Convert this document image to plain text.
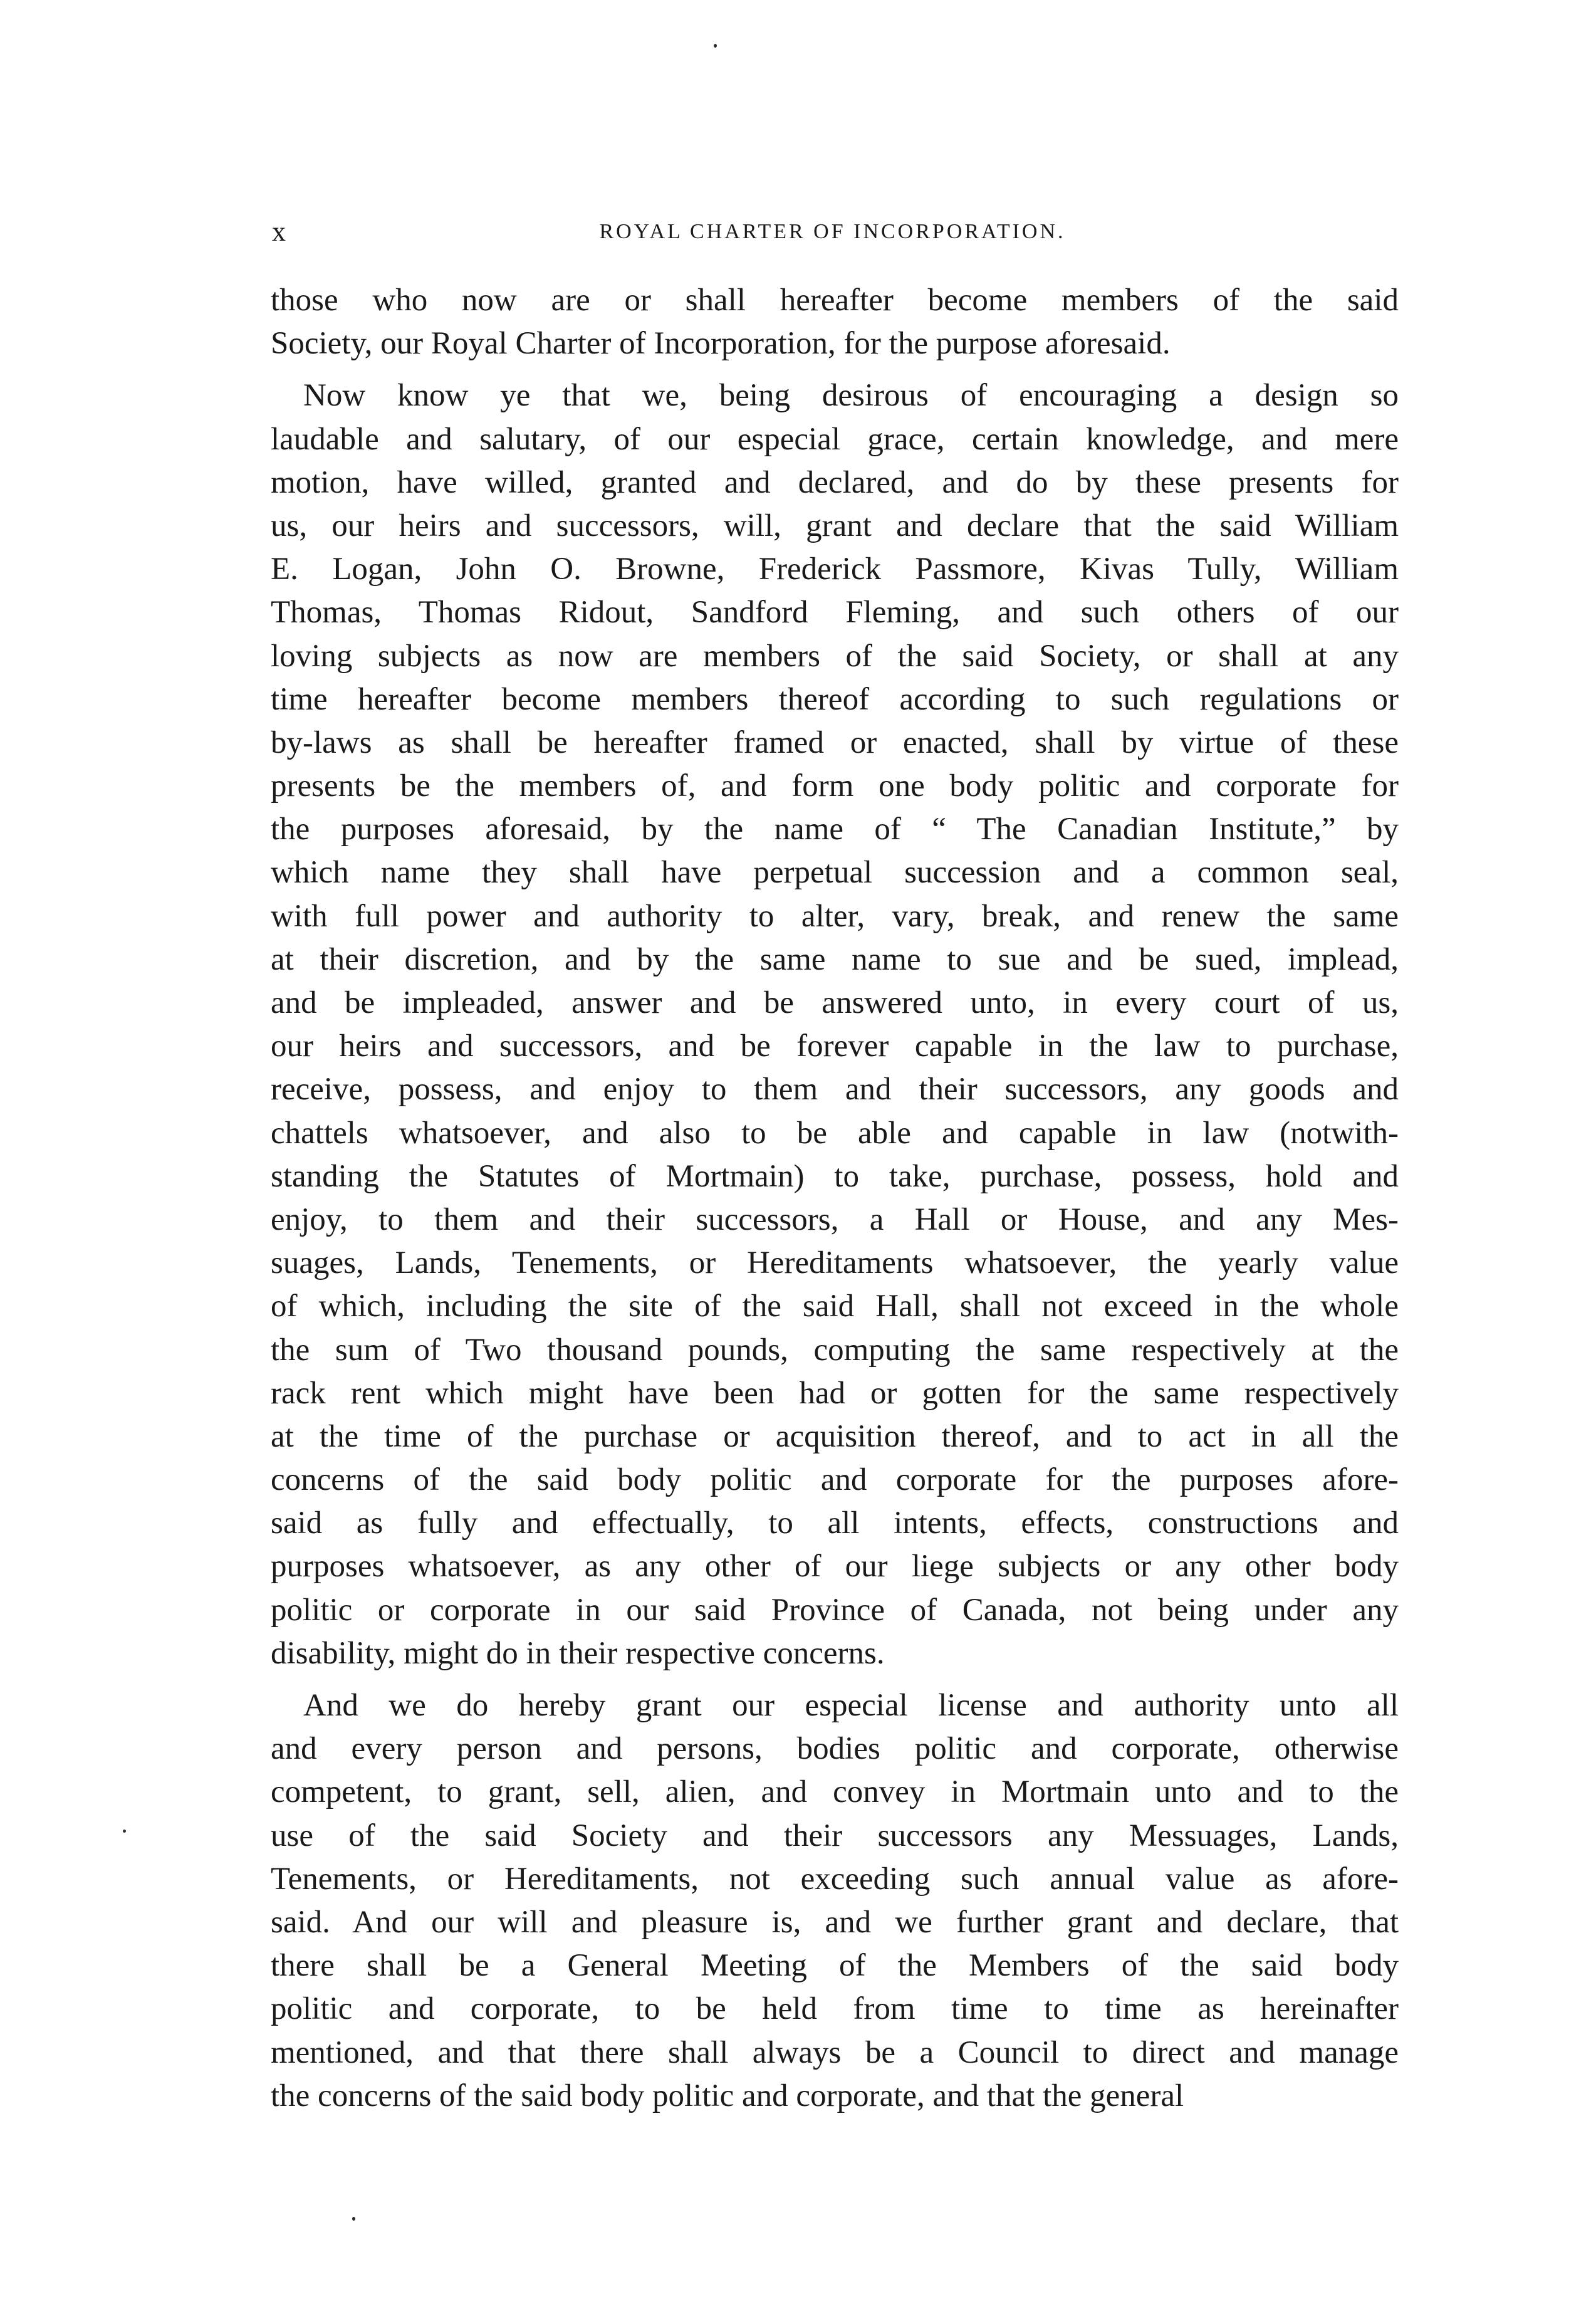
x	ROYAL CHARTER OF INCORPORATION.
those who now are or shall hereafter become members of the said
Society, our Royal Charter of Incorporation, for the purpose aforesaid.
Now know ye that we, being desirous of encouraging a design so
laudable and salutary, of our especial grace, certain knowledge, and mere
motion, have willed, granted and declared, and do by these presents for
us, our heirs and successors, will, grant and declare that the said William
E. Logan, John O. Browne, Frederick Passmore, Kivas Tully, William
Thomas, Thomas Ridout, Sandford Fleming, and such others of our
loving subjects as now are members of the said Society, or shall at any
time hereafter become members thereof according to such regulations or
by-laws as shall be hereafter framed or enacted, shall by virtue of these
presents be the members of, and form one body politic and corporate for
the purposes aforesaid, by the name of “ The Canadian Institute,” by
which name they shall have perpetual succession and a common seal,
with full power and authority to alter, vary, break, and renew the same
at their discretion, and by the same name to sue and be sued, implead,
and be impleaded, answer and be answered unto, in every court of us,
our heirs and successors, and be forever capable in the law to purchase,
receive, possess, and enjoy to them and their successors, any goods and
chattels whatsoever, and also to be able and capable in law (notwith-
standing the Statutes of Mortmain) to take, purchase, possess, hold and
enjoy, to them and their successors, a Hall or House, and any Mes-
suages, Lands, Tenements, or Hereditaments whatsoever, the yearly value
of which, including the site of the said Hall, shall not exceed in the whole
the sum of Two thousand pounds, computing the same respectively at the
rack rent which might have been had or gotten for the same respectively
at the time of the purchase or acquisition thereof, and to act in all the
concerns of the said body politic and corporate for the purposes afore-
said as fully and effectually, to all intents, effects, constructions and
purposes whatsoever, as any other of our liege subjects or any other body
politic or corporate in our said Province of Canada, not being under any
disability, might do in their respective concerns.
And we do hereby grant our especial license and authority unto all
and every person and persons, bodies politic and corporate, otherwise
competent, to grant, sell, alien, and convey in Mortmain unto and to the
use of the said Society and their successors any Messuages, Lands,
Tenements, or Hereditaments, not exceeding such annual value as afore-
said. And our will and pleasure is, and we further grant and declare, that
there shall be a General Meeting of the Members of the said body
politic and corporate, to be held from time to time as hereinafter
mentioned, and that there shall always be a Council to direct and manage
the concerns of the said body politic and corporate, and that the general
